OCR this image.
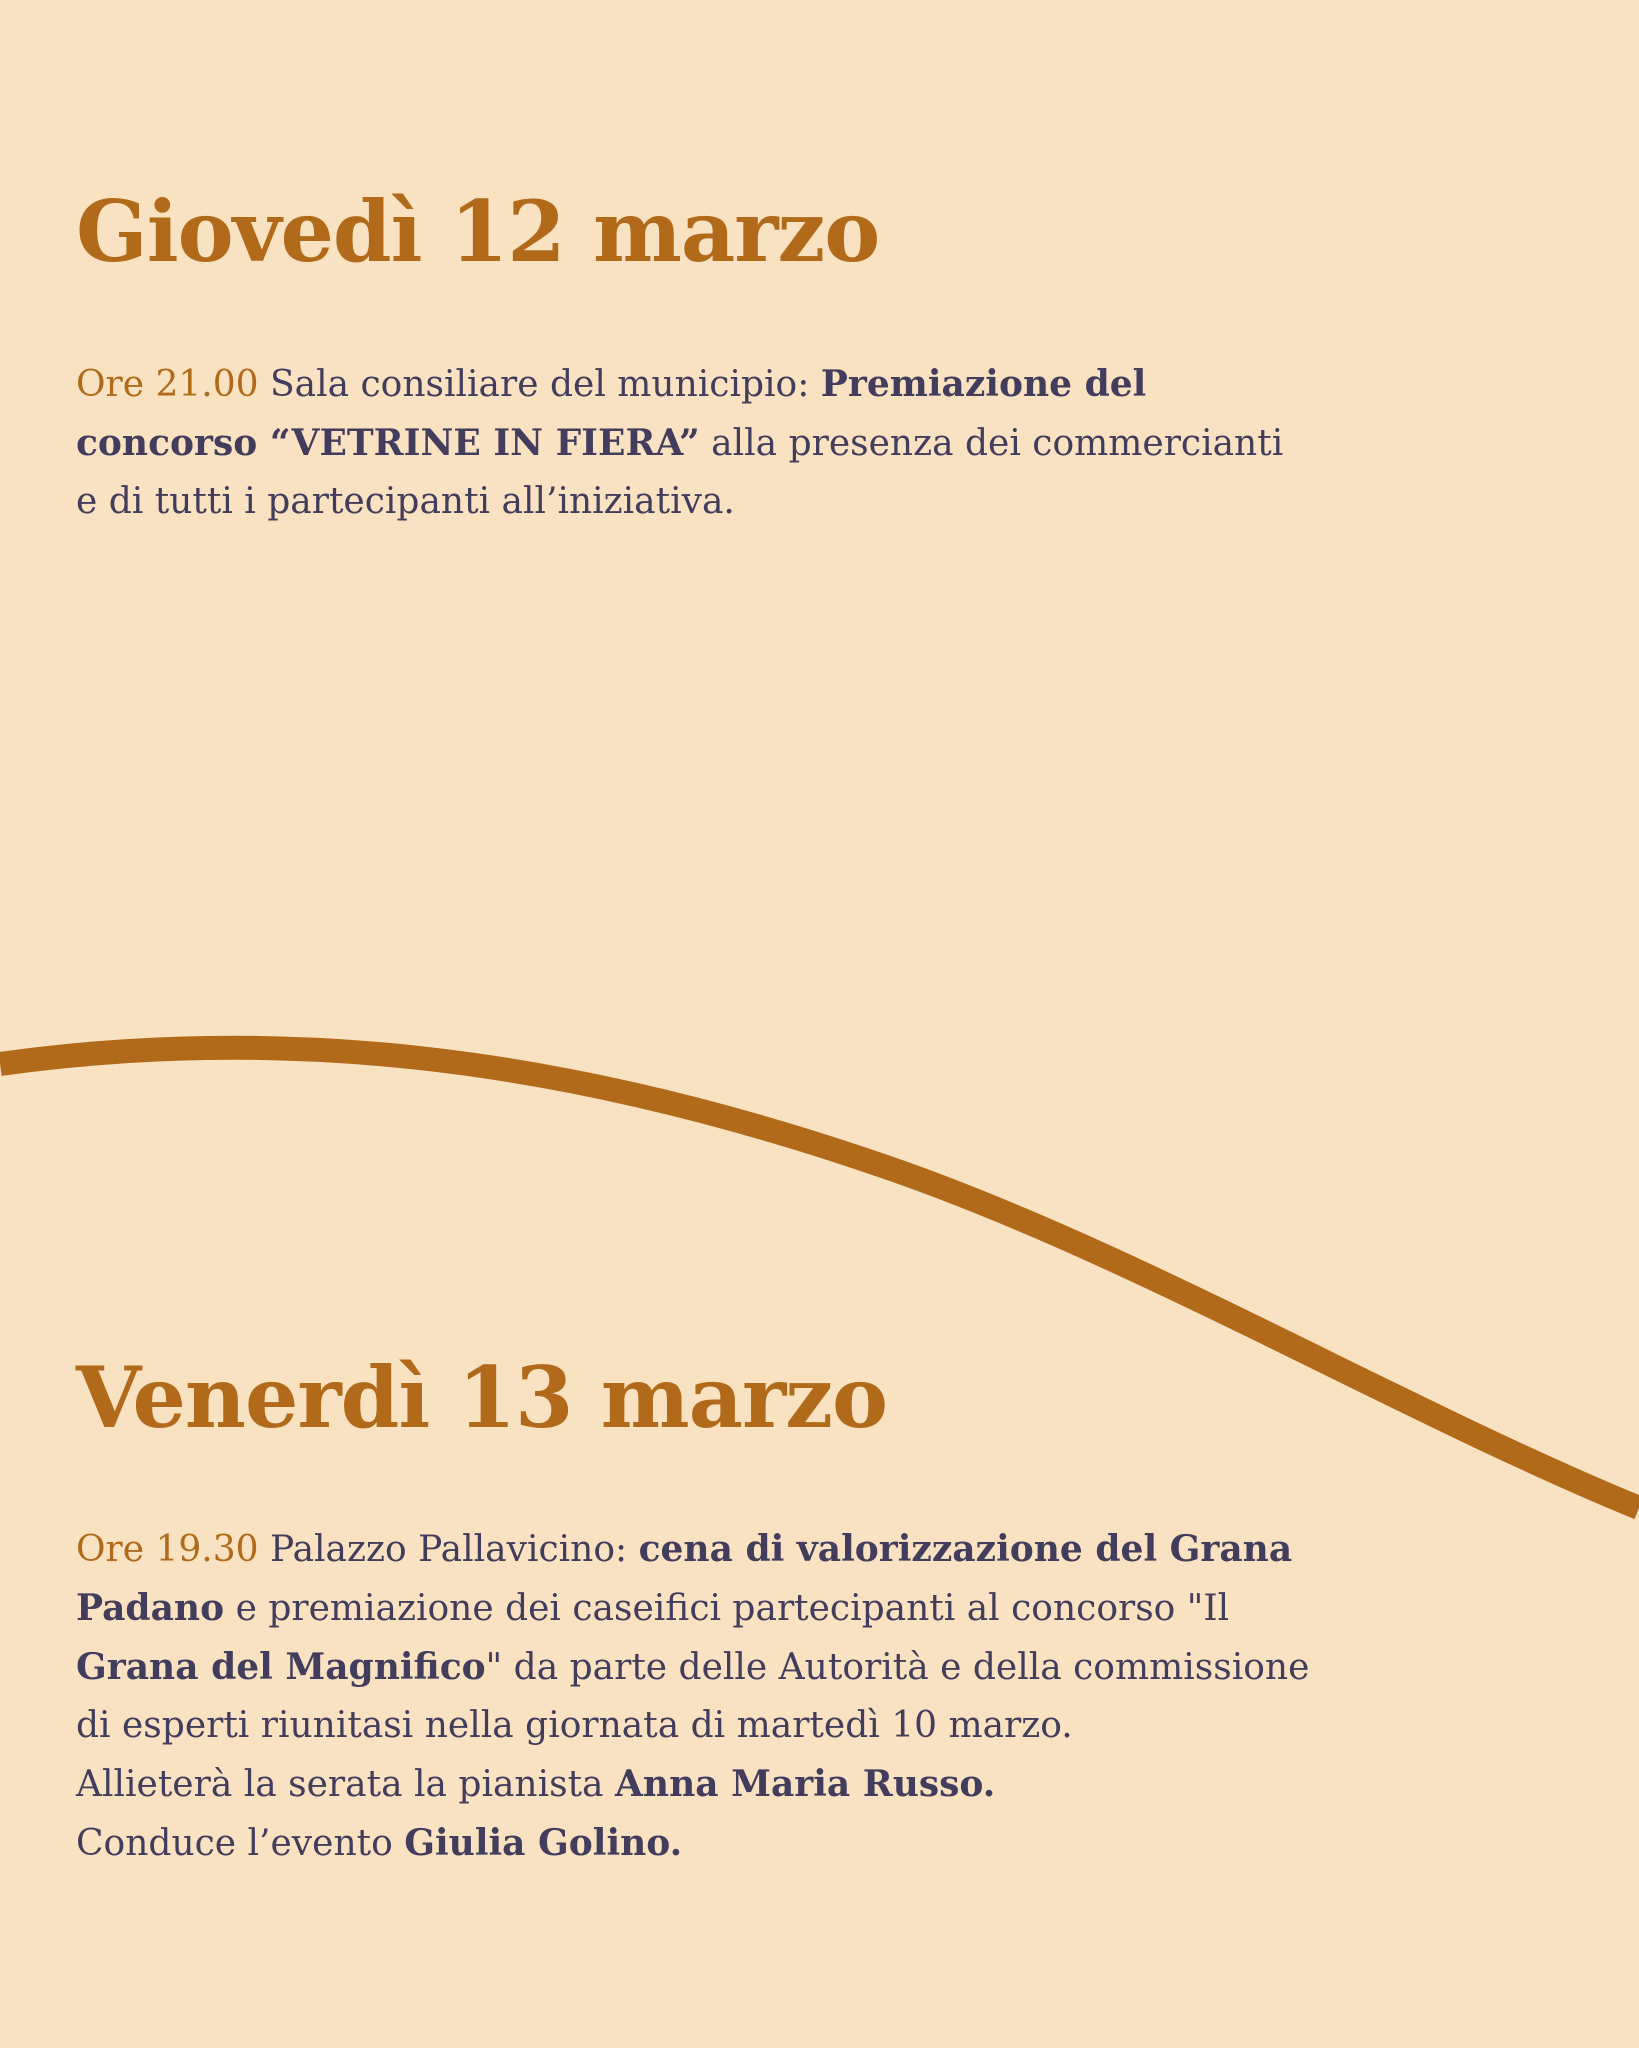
Giovedì 12 marzo

Ore 21.00 Sala consiliare del municipio: Premiazione del
concorso “VETRINE IN FIERA” alla presenza dei commercianti
e di tutti i partecipanti all’iniziativa.

Venerdì 13 marzo

Ore 19.30 Palazzo Pallavicino: cena di valorizzazione del Grana
Padano e premiazione dei caseifici partecipanti al concorso "Il
Grana del Magnifico" da parte delle Autorità e della commissione
di esperti riunitasi nella giornata di martedì 10 marzo.
Allieterà la serata la pianista Anna Maria Russo.
Conduce l’evento Giulia Golino.
